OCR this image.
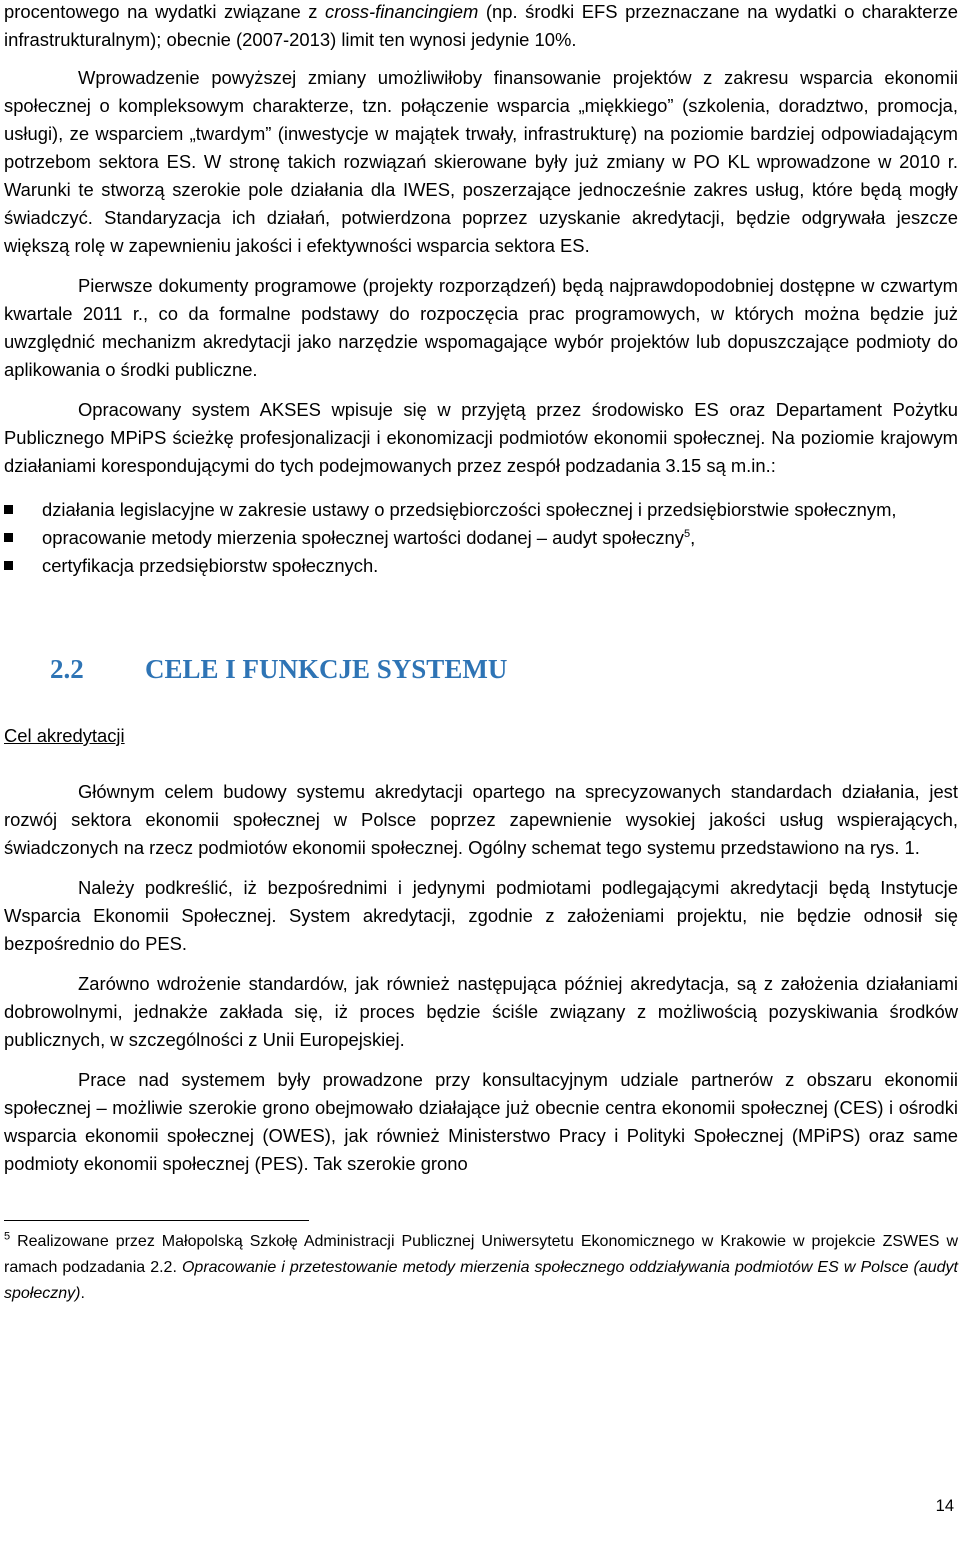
procentowego na wydatki związane z cross-financingiem (np. środki EFS przeznaczane na wydatki o charakterze infrastrukturalnym); obecnie (2007-2013) limit ten wynosi jedynie 10%.

Wprowadzenie powyższej zmiany umożliwiłoby finansowanie projektów z zakresu wsparcia ekonomii społecznej o kompleksowym charakterze, tzn. połączenie wsparcia „miękkiego” (szkolenia, doradztwo, promocja, usługi), ze wsparciem „twardym” (inwestycje w majątek trwały, infrastrukturę) na poziomie bardziej odpowiadającym potrzebom sektora ES. W stronę takich rozwiązań skierowane były już zmiany w PO KL wprowadzone w 2010 r. Warunki te stworzą szerokie pole działania dla IWES, poszerzające jednocześnie zakres usług, które będą mogły świadczyć. Standaryzacja ich działań, potwierdzona poprzez uzyskanie akredytacji, będzie odgrywała jeszcze większą rolę w zapewnieniu jakości i efektywności wsparcia sektora ES.

Pierwsze dokumenty programowe (projekty rozporządzeń) będą najprawdopodobniej dostępne w czwartym kwartale 2011 r., co da formalne podstawy do rozpoczęcia prac programowych, w których można będzie już uwzględnić mechanizm akredytacji jako narzędzie wspomagające wybór projektów lub dopuszczające podmioty do aplikowania o środki publiczne.

Opracowany system AKSES wpisuje się w przyjętą przez środowisko ES oraz Departament Pożytku Publicznego MPiPS ścieżkę profesjonalizacji i ekonomizacji podmiotów ekonomii społecznej. Na poziomie krajowym działaniami korespondującymi do tych podejmowanych przez zespół podzadania 3.15 są m.in.:

działania legislacyjne w zakresie ustawy o przedsiębiorczości społecznej i przedsiębiorstwie społecznym,
opracowanie metody mierzenia społecznej wartości dodanej – audyt społeczny$^5$,
certyfikacja przedsiębiorstw społecznych.
2.2 CELE I FUNKCJE SYSTEMU

Cel akredytacji

Głównym celem budowy systemu akredytacji opartego na sprecyzowanych standardach działania, jest rozwój sektora ekonomii społecznej w Polsce poprzez zapewnienie wysokiej jakości usług wspierających, świadczonych na rzecz podmiotów ekonomii społecznej. Ogólny schemat tego systemu przedstawiono na rys. 1.

Należy podkreślić, iż bezpośrednimi i jedynymi podmiotami podlegającymi akredytacji będą Instytucje Wsparcia Ekonomii Społecznej. System akredytacji, zgodnie z założeniami projektu, nie będzie odnosił się bezpośrednio do PES.

Zarówno wdrożenie standardów, jak również następująca później akredytacja, są z założenia działaniami dobrowolnymi, jednakże zakłada się, iż proces będzie ściśle związany z możliwością pozyskiwania środków publicznych, w szczególności z Unii Europejskiej.

Prace nad systemem były prowadzone przy konsultacyjnym udziale partnerów z obszaru ekonomii społecznej – możliwie szerokie grono obejmowało działające już obecnie centra ekonomii społecznej (CES) i ośrodki wsparcia ekonomii społecznej (OWES), jak również Ministerstwo Pracy i Polityki Społecznej (MPiPS) oraz same podmioty ekonomii społecznej (PES). Tak szerokie grono

$^5$ Realizowane przez Małopolską Szkołę Administracji Publicznej Uniwersytetu Ekonomicznego w Krakowie w projekcie ZSWES w ramach podzadania 2.2. Opracowanie i przetestowanie metody mierzenia społecznego oddziaływania podmiotów ES w Polsce (audyt społeczny).

14
